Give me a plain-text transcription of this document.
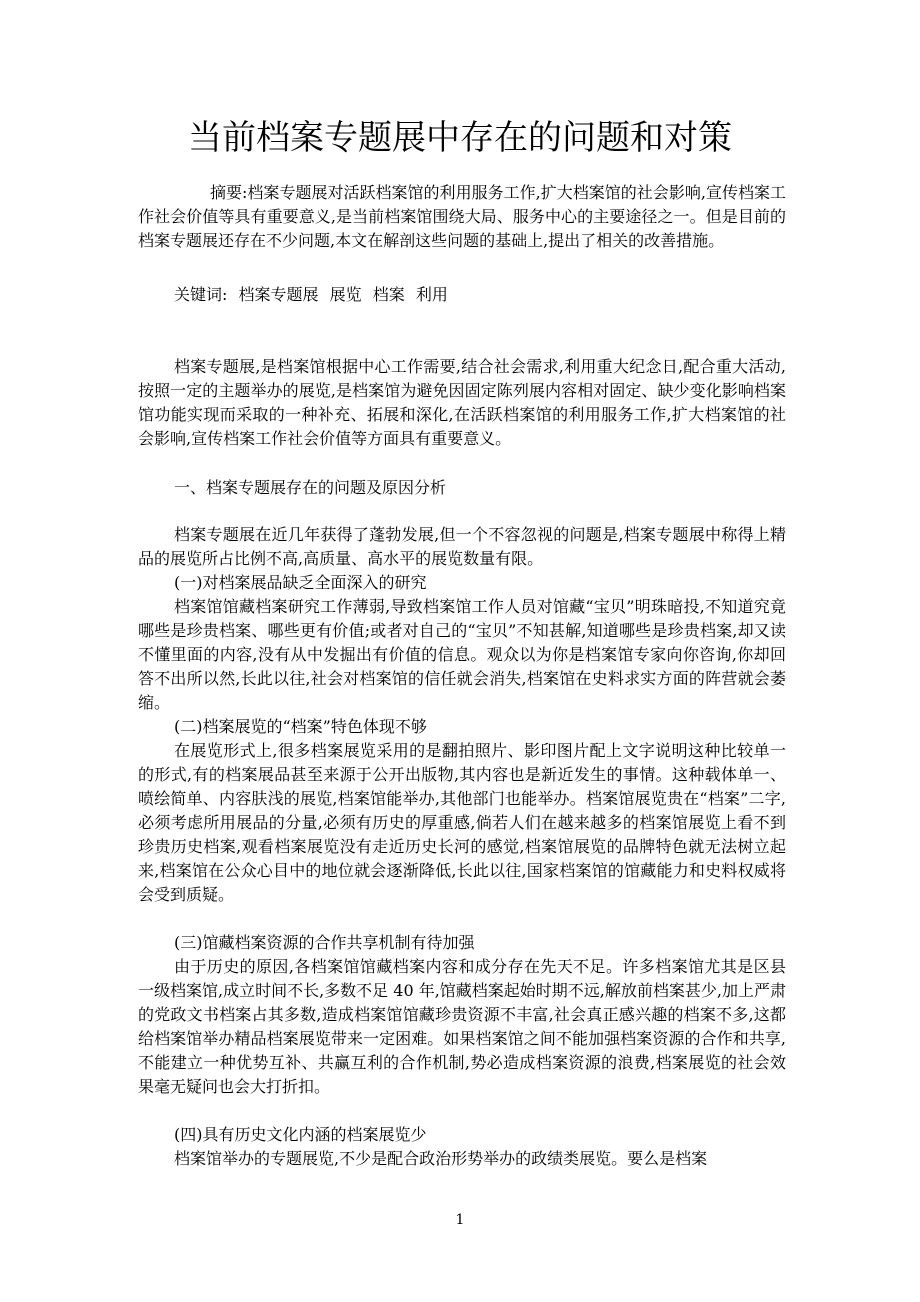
当前档案专题展中存在的问题和对策

摘要:档案专题展对活跃档案馆的利用服务工作,扩大档案馆的社会影响,宣传档案工作社会价值等具有重要意义,是当前档案馆围绕大局、服务中心的主要途径之一。但是目前的档案专题展还存在不少问题,本文在解剖这些问题的基础上,提出了相关的改善措施。

关键词: 档案专题展 展览 档案 利用

档案专题展,是档案馆根据中心工作需要,结合社会需求,利用重大纪念日,配合重大活动,按照一定的主题举办的展览,是档案馆为避免因固定陈列展内容相对固定、缺少变化影响档案馆功能实现而采取的一种补充、拓展和深化,在活跃档案馆的利用服务工作,扩大档案馆的社会影响,宣传档案工作社会价值等方面具有重要意义。

一、档案专题展存在的问题及原因分析

档案专题展在近几年获得了蓬勃发展,但一个不容忽视的问题是,档案专题展中称得上精品的展览所占比例不高,高质量、高水平的展览数量有限。

(一)对档案展品缺乏全面深入的研究

档案馆馆藏档案研究工作薄弱,导致档案馆工作人员对馆藏“宝贝”明珠暗投,不知道究竟哪些是珍贵档案、哪些更有价值;或者对自己的“宝贝”不知甚解,知道哪些是珍贵档案,却又读不懂里面的内容,没有从中发掘出有价值的信息。观众以为你是档案馆专家向你咨询,你却回答不出所以然,长此以往,社会对档案馆的信任就会消失,档案馆在史料求实方面的阵营就会萎缩。

(二)档案展览的“档案”特色体现不够

在展览形式上,很多档案展览采用的是翻拍照片、影印图片配上文字说明这种比较单一的形式,有的档案展品甚至来源于公开出版物,其内容也是新近发生的事情。这种载体单一、喷绘简单、内容肤浅的展览,档案馆能举办,其他部门也能举办。档案馆展览贵在“档案”二字,必须考虑所用展品的分量,必须有历史的厚重感,倘若人们在越来越多的档案馆展览上看不到珍贵历史档案,观看档案展览没有走近历史长河的感觉,档案馆展览的品牌特色就无法树立起来,档案馆在公众心目中的地位就会逐渐降低,长此以往,国家档案馆的馆藏能力和史料权威将会受到质疑。

(三)馆藏档案资源的合作共享机制有待加强

由于历史的原因,各档案馆馆藏档案内容和成分存在先天不足。许多档案馆尤其是区县一级档案馆,成立时间不长,多数不足 40 年,馆藏档案起始时期不远,解放前档案甚少,加上严肃的党政文书档案占其多数,造成档案馆馆藏珍贵资源不丰富,社会真正感兴趣的档案不多,这都给档案馆举办精品档案展览带来一定困难。如果档案馆之间不能加强档案资源的合作和共享,不能建立一种优势互补、共赢互利的合作机制,势必造成档案资源的浪费,档案展览的社会效果毫无疑问也会大打折扣。

(四)具有历史文化内涵的档案展览少

档案馆举办的专题展览,不少是配合政治形势举办的政绩类展览。要么是档案

1
